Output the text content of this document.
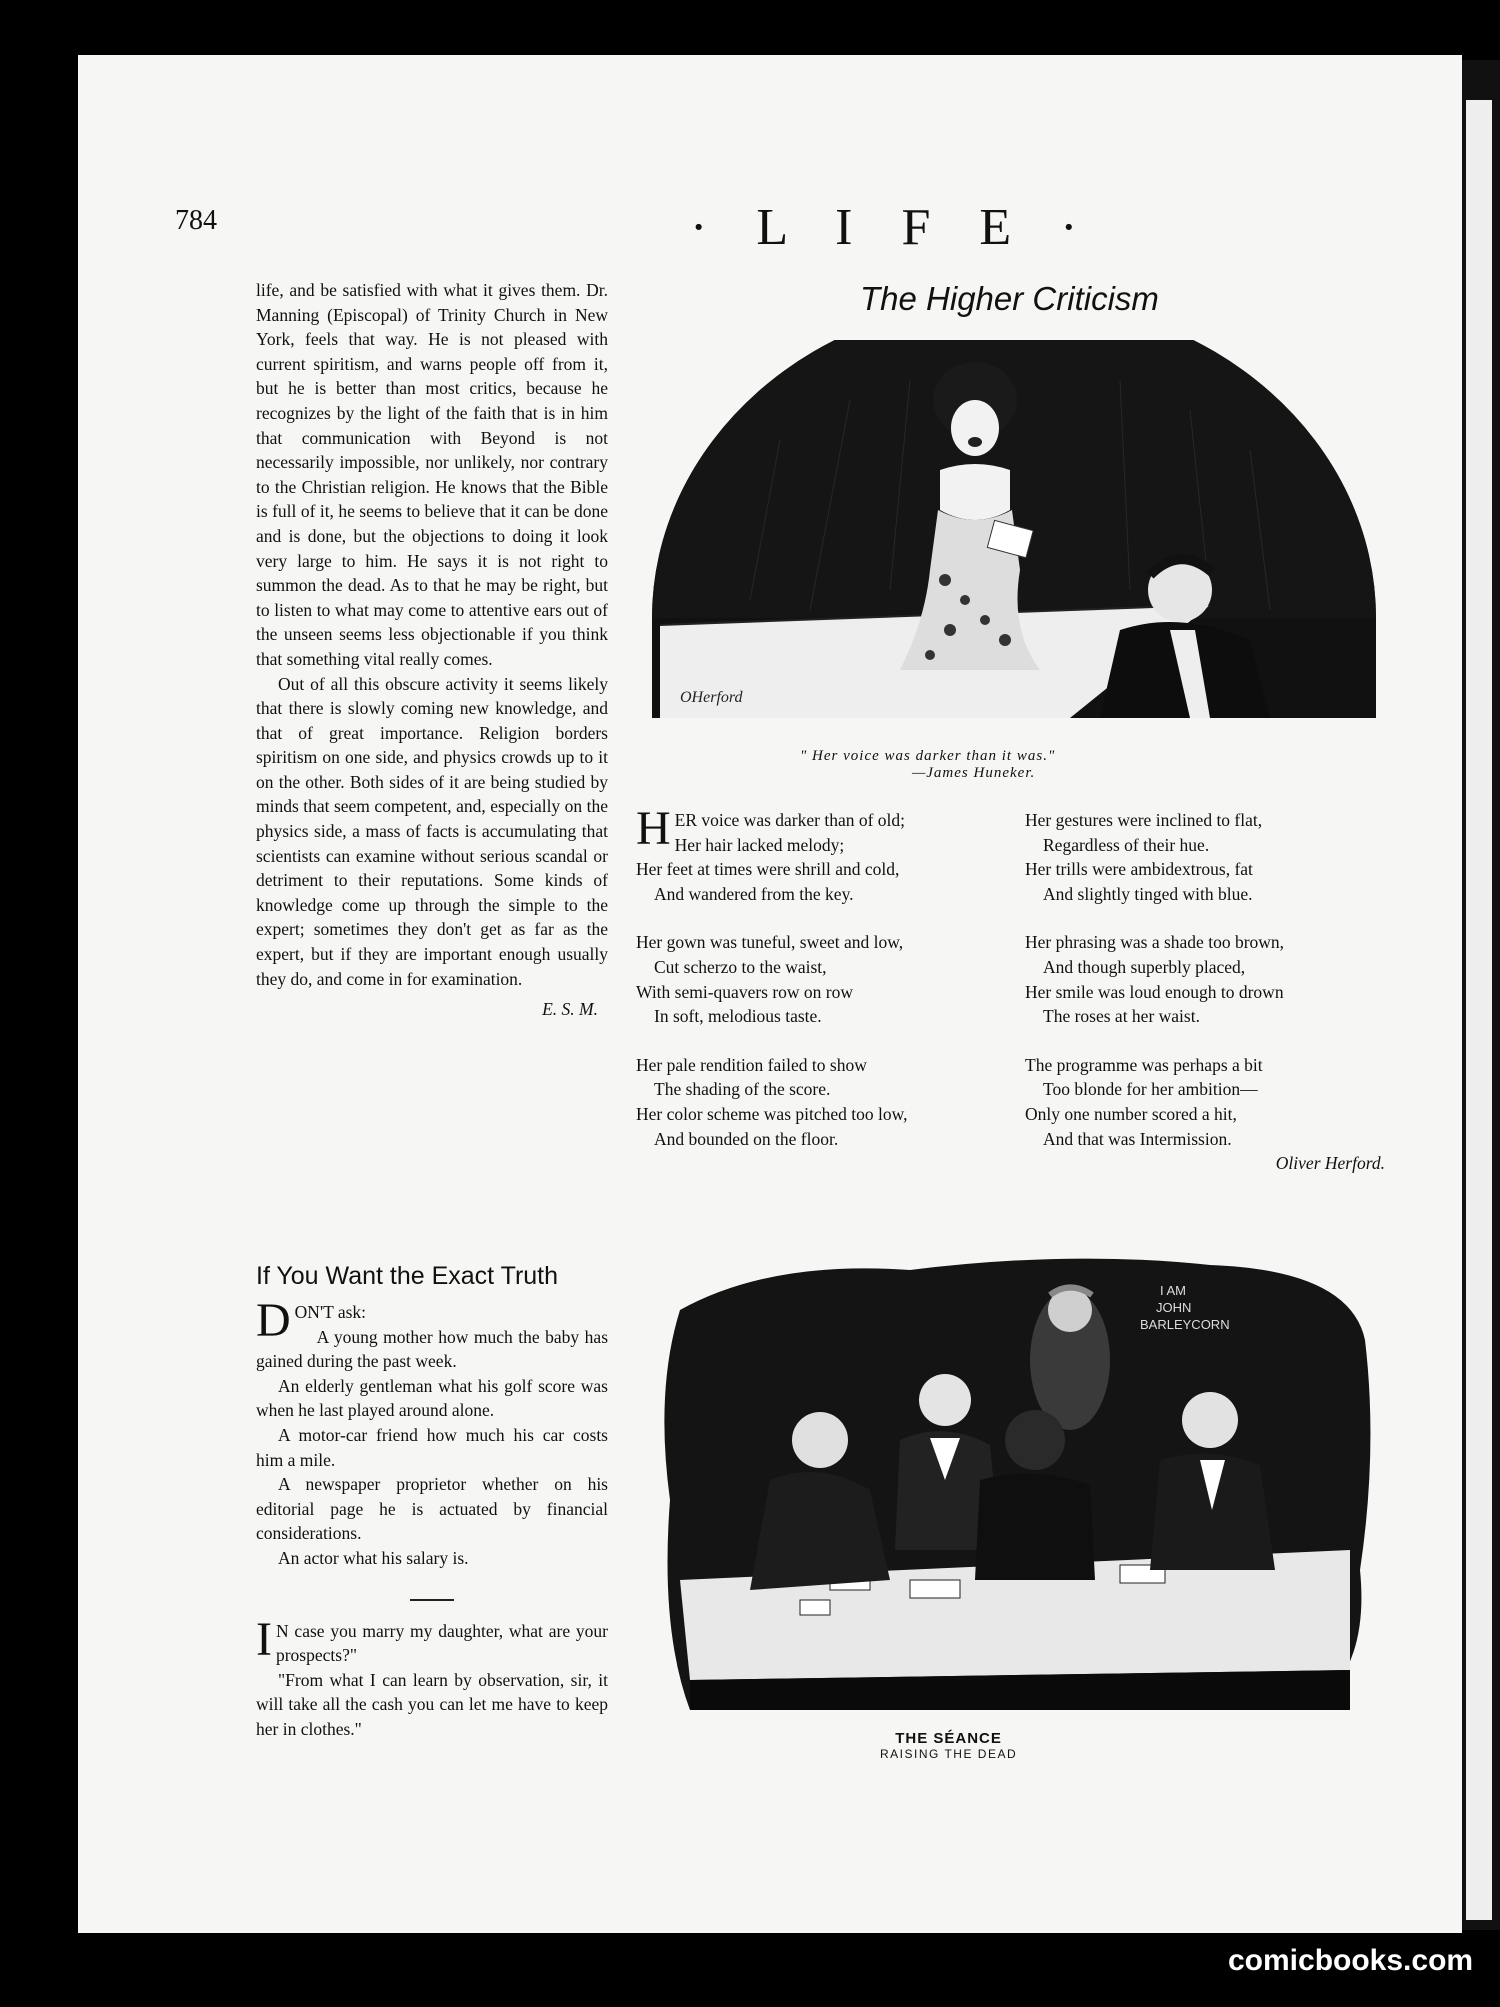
784	· L I F E ·

life, and be satisfied with what it gives them. Dr. Manning (Episcopal) of Trinity Church in New York, feels that way. He is not pleased with current spiritism, and warns people off from it, but he is better than most critics, because he recognizes by the light of the faith that is in him that communication with Beyond is not necessarily impossible, nor unlikely, nor contrary to the Christian religion. He knows that the Bible is full of it, he seems to believe that it can be done and is done, but the objections to doing it look very large to him. He says it is not right to summon the dead. As to that he may be right, but to listen to what may come to attentive ears out of the unseen seems less objectionable if you think that something vital really comes.

Out of all this obscure activity it seems likely that there is slowly coming new knowledge, and that of great importance. Religion borders spiritism on one side, and physics crowds up to it on the other. Both sides of it are being studied by minds that seem competent, and, especially on the physics side, a mass of facts is accumulating that scientists can examine without serious scandal or detriment to their reputations. Some kinds of knowledge come up through the simple to the expert; sometimes they don't get as far as the expert, but if they are important enough usually they do, and come in for examination.

E. S. M.
The Higher Criticism
OHerford
" Her voice was darker than it was."
—James Huneker.
HER voice was darker than of old;
Her hair lacked melody;
Her feet at times were shrill and cold,
And wandered from the key.
Her gown was tuneful, sweet and low,
Cut scherzo to the waist,
With semi-quavers row on row
In soft, melodious taste.
Her pale rendition failed to show
The shading of the score.
Her color scheme was pitched too low,
And bounded on the floor.
Her gestures were inclined to flat,
Regardless of their hue.
Her trills were ambidextrous, fat
And slightly tinged with blue.
Her phrasing was a shade too brown,
And though superbly placed,
Her smile was loud enough to drown
The roses at her waist.
The programme was perhaps a bit
Too blonde for her ambition—
Only one number scored a hit,
And that was Intermission.
Oliver Herford.
If You Want the Exact Truth
DON'T ask:

A young mother how much the baby has gained during the past week.

An elderly gentleman what his golf score was when he last played around alone.

A motor-car friend how much his car costs him a mile.

A newspaper proprietor whether on his editorial page he is actuated by financial considerations.

An actor what his salary is.

I N case you marry my daughter, what are your prospects?"

"From what I can learn by observation, sir, it will take all the cash you can let me have to keep her in clothes."

I AM
JOHN
BARLEYCORN
THE SÉANCE
RAISING THE DEAD
comicbooks.com
